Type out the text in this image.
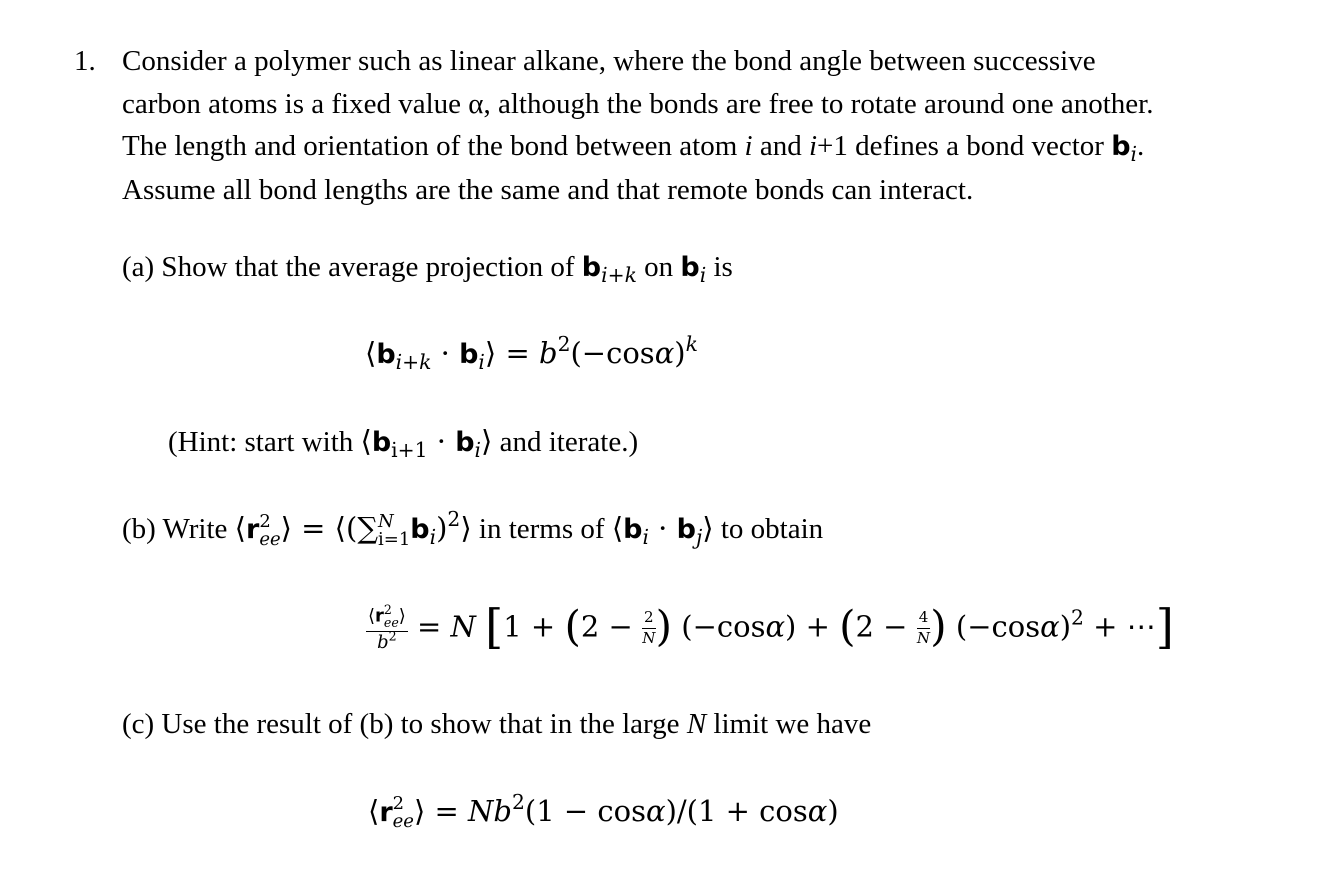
1. Consider a polymer such as linear alkane, where the bond angle between successive
carbon atoms is a fixed value α, although the bonds are free to rotate around one another.
The length and orientation of the bond between atom i and i+1 defines a bond vector $b_i$.
Assume all bond lengths are the same and that remote bonds can interact.
(a) Show that the average projection of $b_{i+k}$ on $b_i$ is
$⟨b_{i+k}$ · $b_i⟩ = b^2(-\cos\alpha)^k$
(Hint: start with $⟨b_{i+1}$ · $b_i⟩$ and iterate.)
(b) Write ⟨r 2
ee ⟩ = ⟨(∑ N
i=1 $b_i)^2⟩$ in terms of $⟨b_i$ · $b_j⟩$ to obtain
⟨r 2
ee ⟩
$b^2 = N$ [$1 + (2 - \frac{2}{N}$ ) $(-\cos\alpha) + (2 - \frac{4}{N}$ ) $(-\cos\alpha)^2$ + ⋯]
(c) Use the result of (b) to show that in the large N limit we have
⟨r 2
ee ⟩ = $Nb^2(1 - \cos\alpha)/(1 + \cos\alpha)$
